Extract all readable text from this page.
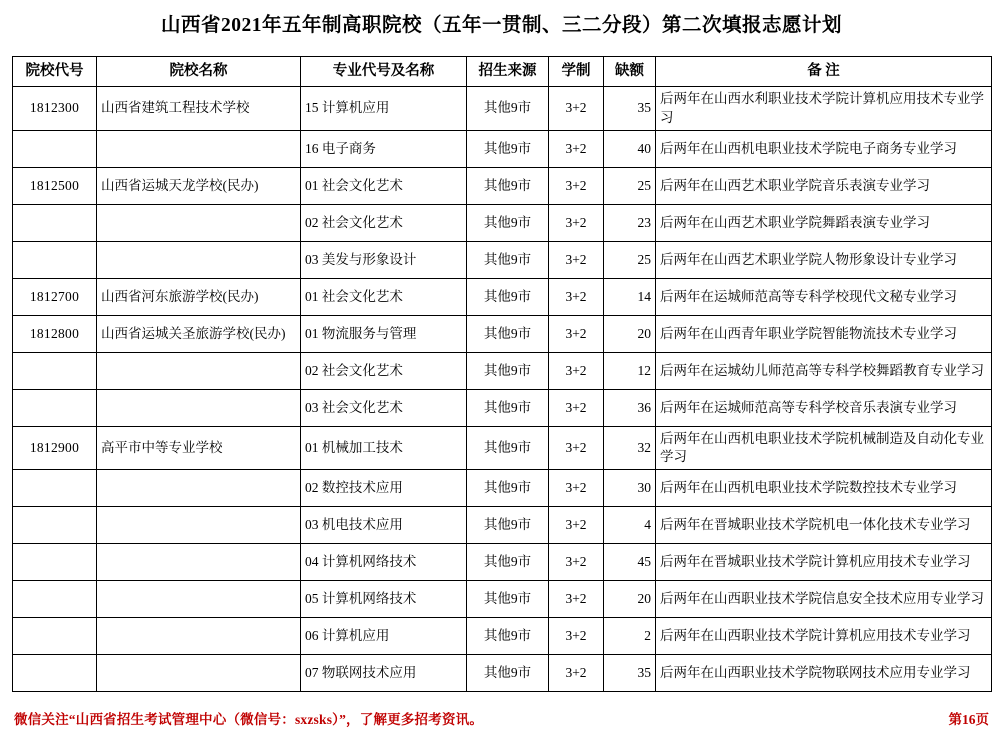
山西省2021年五年制高职院校（五年一贯制、三二分段）第二次填报志愿计划
院校代号	院校名称	专业代号及名称	招生来源	学制	缺额	备 注
1812300	山西省建筑工程技术学校	15 计算机应用	其他9市	3+2	35	后两年在山西水利职业技术学院计算机应用技术专业学习
		16 电子商务	其他9市	3+2	40	后两年在山西机电职业技术学院电子商务专业学习
1812500	山西省运城天龙学校(民办)	01 社会文化艺术	其他9市	3+2	25	后两年在山西艺术职业学院音乐表演专业学习
		02 社会文化艺术	其他9市	3+2	23	后两年在山西艺术职业学院舞蹈表演专业学习
		03 美发与形象设计	其他9市	3+2	25	后两年在山西艺术职业学院人物形象设计专业学习
1812700	山西省河东旅游学校(民办)	01 社会文化艺术	其他9市	3+2	14	后两年在运城师范高等专科学校现代文秘专业学习
1812800	山西省运城关圣旅游学校(民办)	01 物流服务与管理	其他9市	3+2	20	后两年在山西青年职业学院智能物流技术专业学习
		02 社会文化艺术	其他9市	3+2	12	后两年在运城幼儿师范高等专科学校舞蹈教育专业学习
		03 社会文化艺术	其他9市	3+2	36	后两年在运城师范高等专科学校音乐表演专业学习
1812900	高平市中等专业学校	01 机械加工技术	其他9市	3+2	32	后两年在山西机电职业技术学院机械制造及自动化专业学习
		02 数控技术应用	其他9市	3+2	30	后两年在山西机电职业技术学院数控技术专业学习
		03 机电技术应用	其他9市	3+2	4	后两年在晋城职业技术学院机电一体化技术专业学习
		04 计算机网络技术	其他9市	3+2	45	后两年在晋城职业技术学院计算机应用技术专业学习
		05 计算机网络技术	其他9市	3+2	20	后两年在山西职业技术学院信息安全技术应用专业学习
		06 计算机应用	其他9市	3+2	2	后两年在山西职业技术学院计算机应用技术专业学习
		07 物联网技术应用	其他9市	3+2	35	后两年在山西职业技术学院物联网技术应用专业学习
微信关注“山西省招生考试管理中心（微信号：sxzsks）”，了解更多招考资讯。	第16页
